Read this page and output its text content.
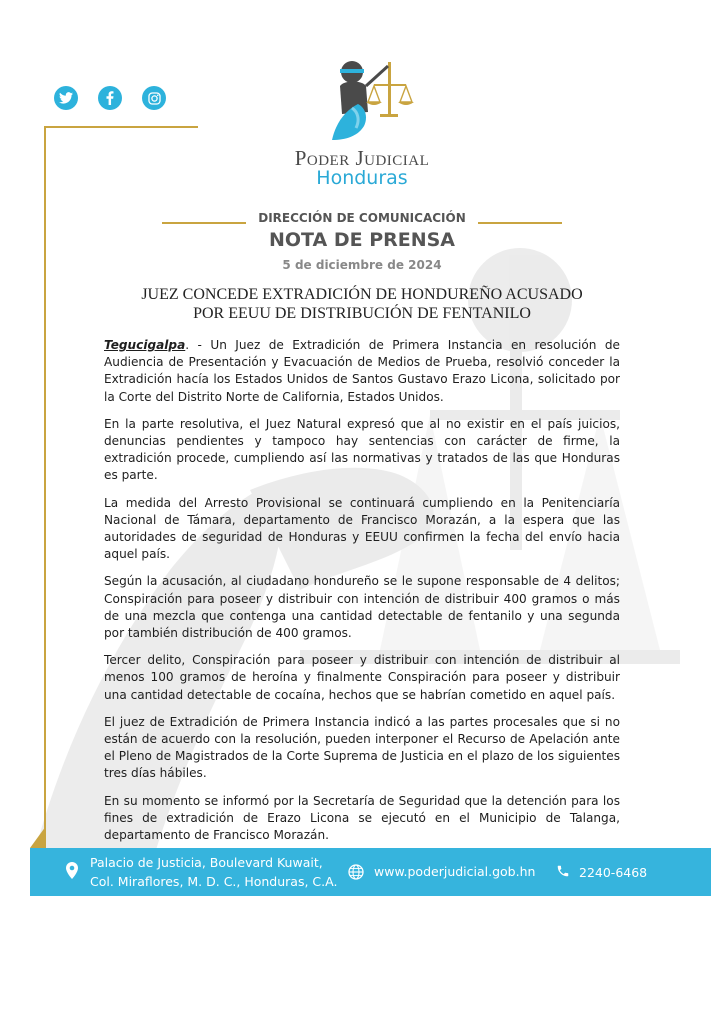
Poder Judicial
Honduras
DIRECCIÓN DE COMUNICACIÓN
NOTA DE PRENSA
5 de diciembre de 2024
JUEZ CONCEDE EXTRADICIÓN DE HONDUREÑO ACUSADO
POR EEUU DE DISTRIBUCIÓN DE FENTANILO

Tegucigalpa. - Un Juez de Extradición de Primera Instancia en resolución de Audiencia de Presentación y Evacuación de Medios de Prueba, resolvió conceder la Extradición hacía los Estados Unidos de Santos Gustavo Erazo Licona, solicitado por la Corte del Distrito Norte de California, Estados Unidos.

En la parte resolutiva, el Juez Natural expresó que al no existir en el país juicios, denuncias pendientes y tampoco hay sentencias con carácter de firme, la extradición procede, cumpliendo así las normativas y tratados de las que Honduras es parte.

La medida del Arresto Provisional se continuará cumpliendo en la Penitenciaría Nacional de Támara, departamento de Francisco Morazán, a la espera que las autoridades de seguridad de Honduras y EEUU confirmen la fecha del envío hacia aquel país.

Según la acusación, al ciudadano hondureño se le supone responsable de 4 delitos; Conspiración para poseer y distribuir con intención de distribuir 400 gramos o más de una mezcla que contenga una cantidad detectable de fentanilo y una segunda por también distribución de 400 gramos.

Tercer delito, Conspiración para poseer y distribuir con intención de distribuir al menos 100 gramos de heroína y finalmente Conspiración para poseer y distribuir una cantidad detectable de cocaína, hechos que se habrían cometido en aquel país.

El juez de Extradición de Primera Instancia indicó a las partes procesales que si no están de acuerdo con la resolución, pueden interponer el Recurso de Apelación ante el Pleno de Magistrados de la Corte Suprema de Justicia en el plazo de los siguientes tres días hábiles.

En su momento se informó por la Secretaría de Seguridad que la detención para los fines de extradición de Erazo Licona se ejecutó en el Municipio de Talanga, departamento de Francisco Morazán.

Palacio de Justicia, Boulevard Kuwait,
Col. Miraflores, M. D. C., Honduras, C.A.
www.poderjudicial.gob.hn	2240-6468
